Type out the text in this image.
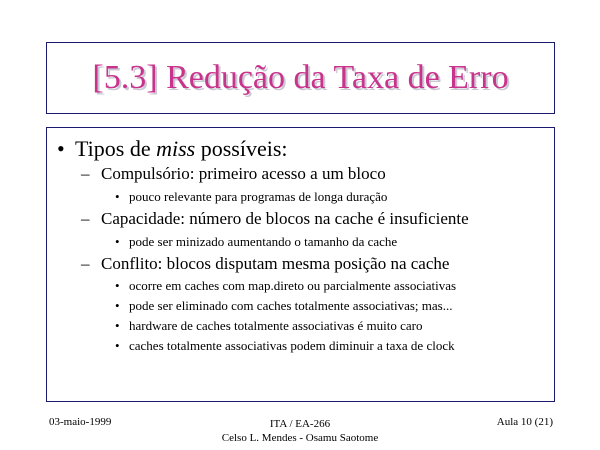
[5.3] Redução da Taxa de Erro
• Tipos de miss possíveis:
– Compulsório: primeiro acesso a um bloco
• pouco relevante para programas de longa duração
– Capacidade: número de blocos na cache é insuficiente
• pode ser minizado aumentando o tamanho da cache
– Conflito: blocos disputam mesma posição na cache
• ocorre em caches com map.direto ou parcialmente associativas
• pode ser eliminado com caches totalmente associativas; mas...
• hardware de caches totalmente associativas é muito caro
• caches totalmente associativas podem diminuir a taxa de clock
03-maio-1999	ITA / EA-266
Celso L. Mendes - Osamu Saotome
Aula 10 (21)
